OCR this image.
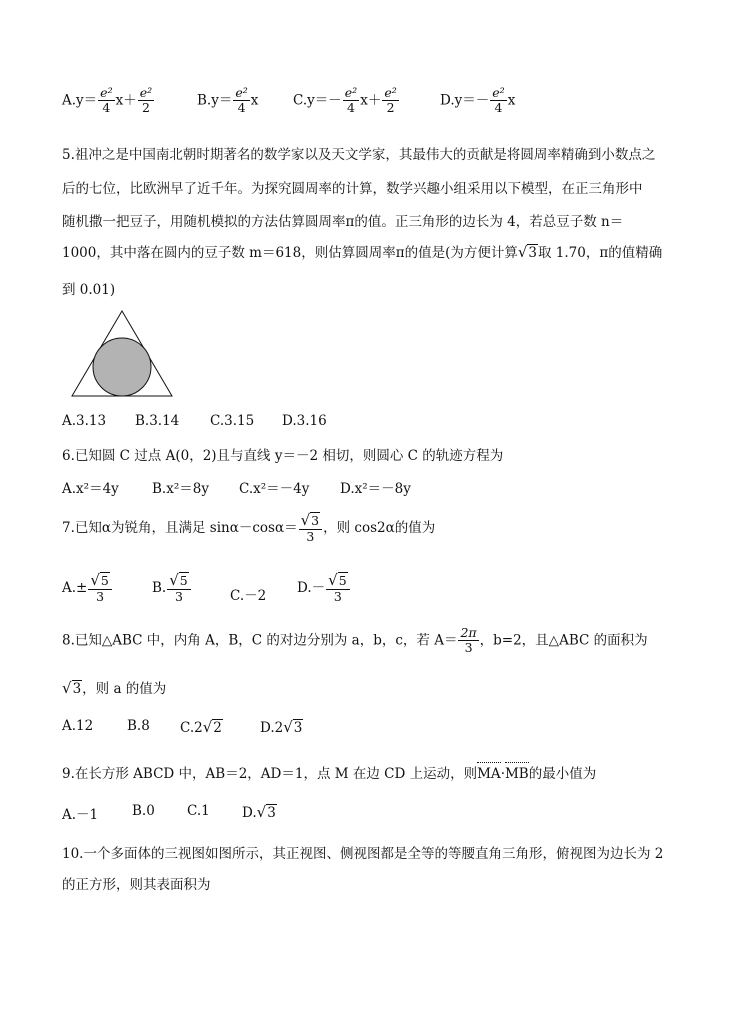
$A.y= \frac{\text{e²}}{4} x+ \frac{\text{e²}}{2}$	$B.y= \frac{\text{e²}}{4}$ x	$C.y=- \frac{\text{e²}}{4} x+ \frac{\text{e²}}{2}$	$D.y=- \frac{\text{e²}}{4}$ x
5.祖冲之是中国南北朝时期著名的数学家以及天文学家，其最伟大的贡献是将圆周率精确到小数点之
后的七位，比欧洲早了近千年。为探究圆周率的计算，数学兴趣小组采用以下模型，在正三角形中
随机撒一把豆子，用随机模拟的方法估算圆周率π的值。正三角形的边长为 4，若总豆子数 n＝
1000，其中落在圆内的豆子数 m＝618，则估算圆周率π的值是(为方便计算√3取 1.70，π的值精确
到 0.01)
A.3.13 B.3.14 C.3.15 D.3.16
6.已知圆 C 过点 A(0，2)且与直线 y＝－2 相切，则圆心 C 的轨迹方程为
A.x²＝4y B.x²＝8y C.x²＝－4y D.x²＝－8y
7.已知α为锐角，且满足 $\sin\alpha-\cos\alpha= \frac{√3}{3}$ ，则 cos2α的值为
$A.\pm \frac{√5}{3}$	B. $\frac{√5}{3}$	C.－2
$D.- \frac{√5}{3}$
8.已知△ABC 中，内角 A，B，C 的对边分别为 a，b，c，若 $A= \frac{2\pi}{3}$ ，b=2，且△ABC 的面积为
√3，则 a 的值为
A.12	B.8 C.2√2	D.2√3
9.在长方形 ABCD 中，AB＝2，AD＝1，点 M 在边 CD 上运动，则
MA·
MB的最小值为
A.－1	B.0 C.1 D.√3
10.一个多面体的三视图如图所示，其正视图、侧视图都是全等的等腰直角三角形，俯视图为边长为 2
的正方形，则其表面积为
